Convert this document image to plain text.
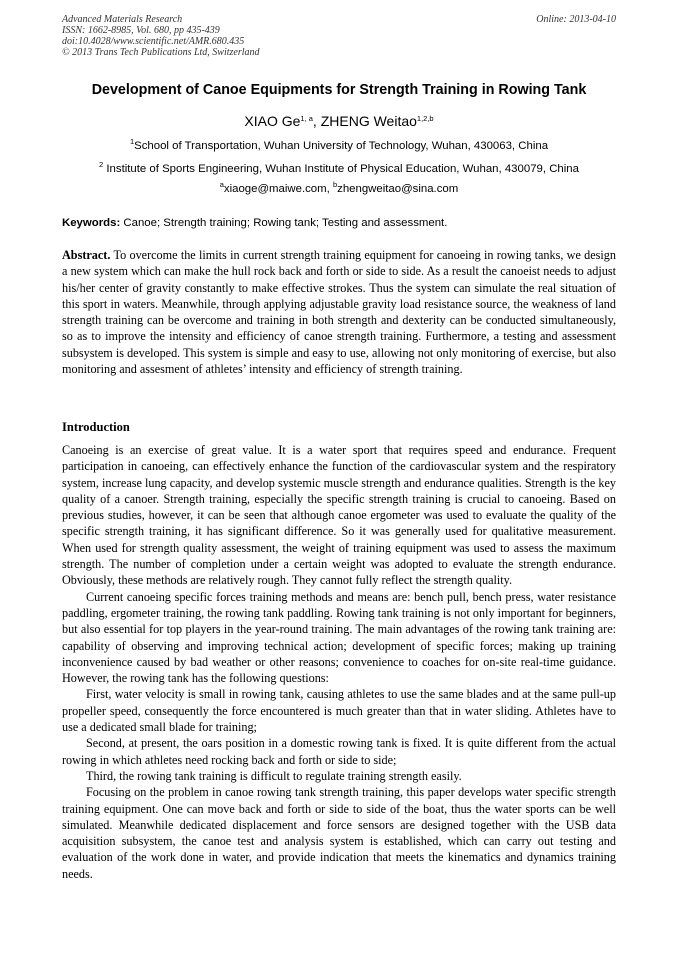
Advanced Materials Research
ISSN: 1662-8985, Vol. 680, pp 435-439
doi:10.4028/www.scientific.net/AMR.680.435
© 2013 Trans Tech Publications Ltd, Switzerland
Online: 2013-04-10
Development of Canoe Equipments for Strength Training in Rowing Tank
XIAO Ge$^{1, a}$, ZHENG Weitao$^{1,2,b}$
$^1$School of Transportation, Wuhan University of Technology, Wuhan, 430063, China
$^2$ Institute of Sports Engineering, Wuhan Institute of Physical Education, Wuhan, 430079, China
$^a$xiaoge@maiwe.com, $^b$zhengweitao@sina.com
Keywords: Canoe; Strength training; Rowing tank; Testing and assessment.

Abstract. To overcome the limits in current strength training equipment for canoeing in rowing tanks, we design a new system which can make the hull rock back and forth or side to side. As a result the canoeist needs to adjust his/her center of gravity constantly to make effective strokes. Thus the system can simulate the real situation of this sport in waters. Meanwhile, through applying adjustable gravity load resistance source, the weakness of land strength training can be overcome and training in both strength and dexterity can be conducted simultaneously, so as to improve the intensity and efficiency of canoe strength training. Furthermore, a testing and assessment subsystem is developed. This system is simple and easy to use, allowing not only monitoring of exercise, but also monitoring and assesment of athletes’ intensity and efficiency of strength training.

Introduction

Canoeing is an exercise of great value. It is a water sport that requires speed and endurance. Frequent participation in canoeing, can effectively enhance the function of the cardiovascular system and the respiratory system, increase lung capacity, and develop systemic muscle strength and endurance qualities. Strength is the key quality of a canoer. Strength training, especially the specific strength training is crucial to canoeing. Based on previous studies, however, it can be seen that although canoe ergometer was used to evaluate the quality of the specific strength training, it has significant difference. So it was generally used for qualitative measurement. When used for strength quality assessment, the weight of training equipment was used to assess the maximum strength. The number of completion under a certain weight was adopted to evaluate the strength endurance. Obviously, these methods are relatively rough. They cannot fully reflect the strength quality.

Current canoeing specific forces training methods and means are: bench pull, bench press, water resistance paddling, ergometer training, the rowing tank paddling. Rowing tank training is not only important for beginners, but also essential for top players in the year-round training. The main advantages of the rowing tank training are: capability of observing and improving technical action; development of specific forces; making up training inconvenience caused by bad weather or other reasons; convenience to coaches for on-site real-time guidance. However, the rowing tank has the following questions:

First, water velocity is small in rowing tank, causing athletes to use the same blades and at the same pull-up propeller speed, consequently the force encountered is much greater than that in water sliding. Athletes have to use a dedicated small blade for training;

Second, at present, the oars position in a domestic rowing tank is fixed. It is quite different from the actual rowing in which athletes need rocking back and forth or side to side;

Third, the rowing tank training is difficult to regulate training strength easily.

Focusing on the problem in canoe rowing tank strength training, this paper develops water specific strength training equipment. One can move back and forth or side to side of the boat, thus the water sports can be well simulated. Meanwhile dedicated displacement and force sensors are designed together with the USB data acquisition subsystem, the canoe test and analysis system is established, which can carry out testing and evaluation of the work done in water, and provide indication that meets the kinematics and dynamics training needs.
